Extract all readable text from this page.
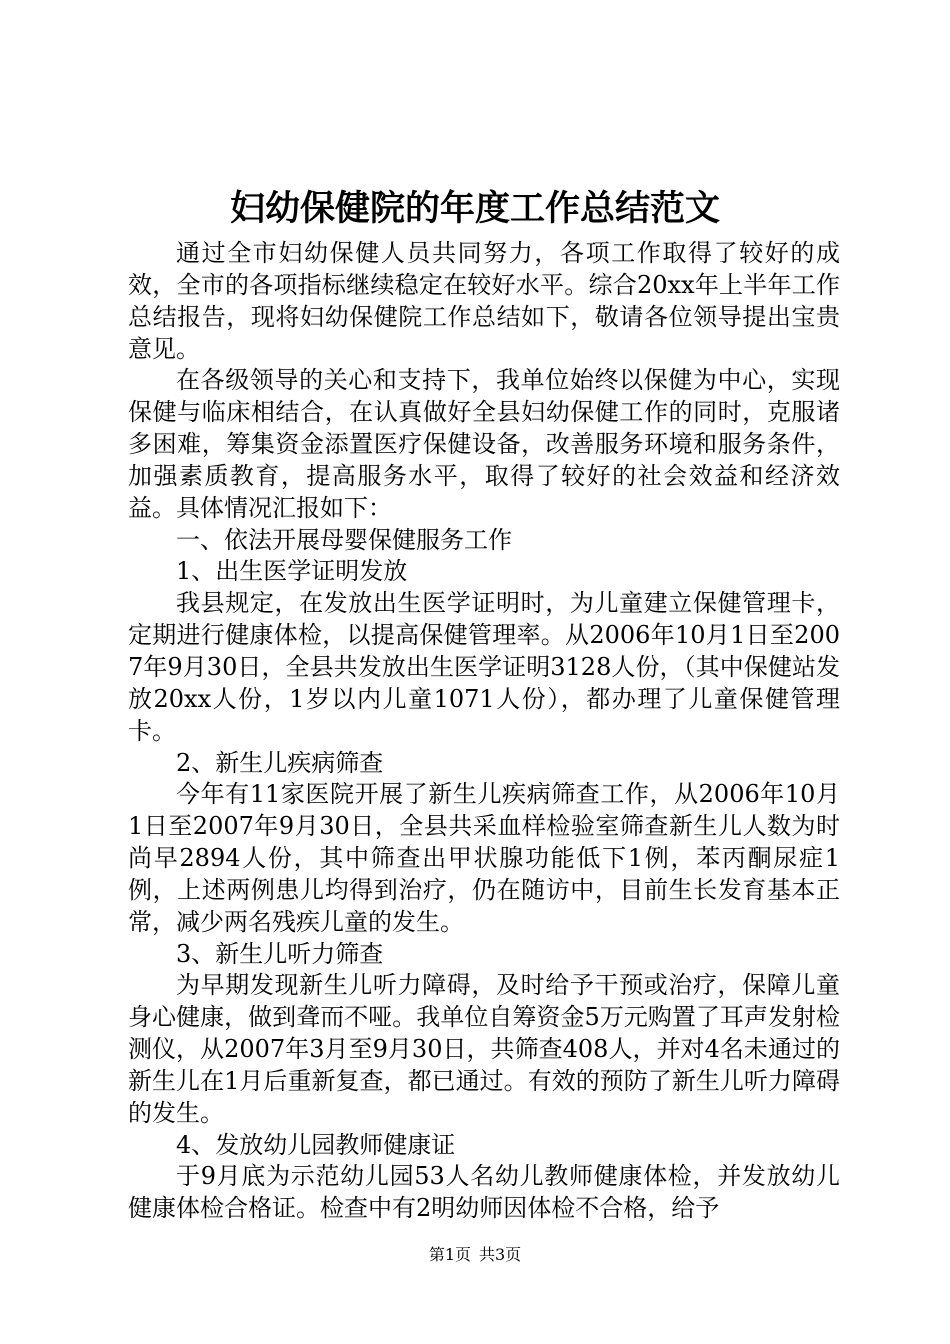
妇幼保健院的年度工作总结范文

通过全市妇幼保健人员共同努力，各项工作取得了较好的成效，全市的各项指标继续稳定在较好水平。综合20xx年上半年工作总结报告，现将妇幼保健院工作总结如下，敬请各位领导提出宝贵意见。

在各级领导的关心和支持下，我单位始终以保健为中心，实现保健与临床相结合，在认真做好全县妇幼保健工作的同时，克服诸多困难，筹集资金添置医疗保健设备，改善服务环境和服务条件，加强素质教育，提高服务水平，取得了较好的社会效益和经济效益。具体情况汇报如下：

一、依法开展母婴保健服务工作

1、出生医学证明发放

我县规定，在发放出生医学证明时，为儿童建立保健管理卡，定期进行健康体检，以提高保健管理率。从2006年10月1日至2007年9月30日，全县共发放出生医学证明3128人份，（其中保健站发放20xx人份，1岁以内儿童1071人份），都办理了儿童保健管理卡。

2、新生儿疾病筛查

今年有11家医院开展了新生儿疾病筛查工作，从2006年10月1日至2007年9月30日，全县共采血样检验室筛查新生儿人数为时尚早2894人份，其中筛查出甲状腺功能低下1例，苯丙酮尿症1例，上述两例患儿均得到治疗，仍在随访中，目前生长发育基本正常，减少两名残疾儿童的发生。

3、新生儿听力筛查

为早期发现新生儿听力障碍，及时给予干预或治疗，保障儿童身心健康，做到聋而不哑。我单位自筹资金5万元购置了耳声发射检测仪，从2007年3月至9月30日，共筛查408人，并对4名未通过的新生儿在1月后重新复查，都已通过。有效的预防了新生儿听力障碍的发生。

4、发放幼儿园教师健康证

于9月底为示范幼儿园53人名幼儿教师健康体检，并发放幼儿健康体检合格证。检查中有2明幼师因体检不合格，给予

第1页 共3页
